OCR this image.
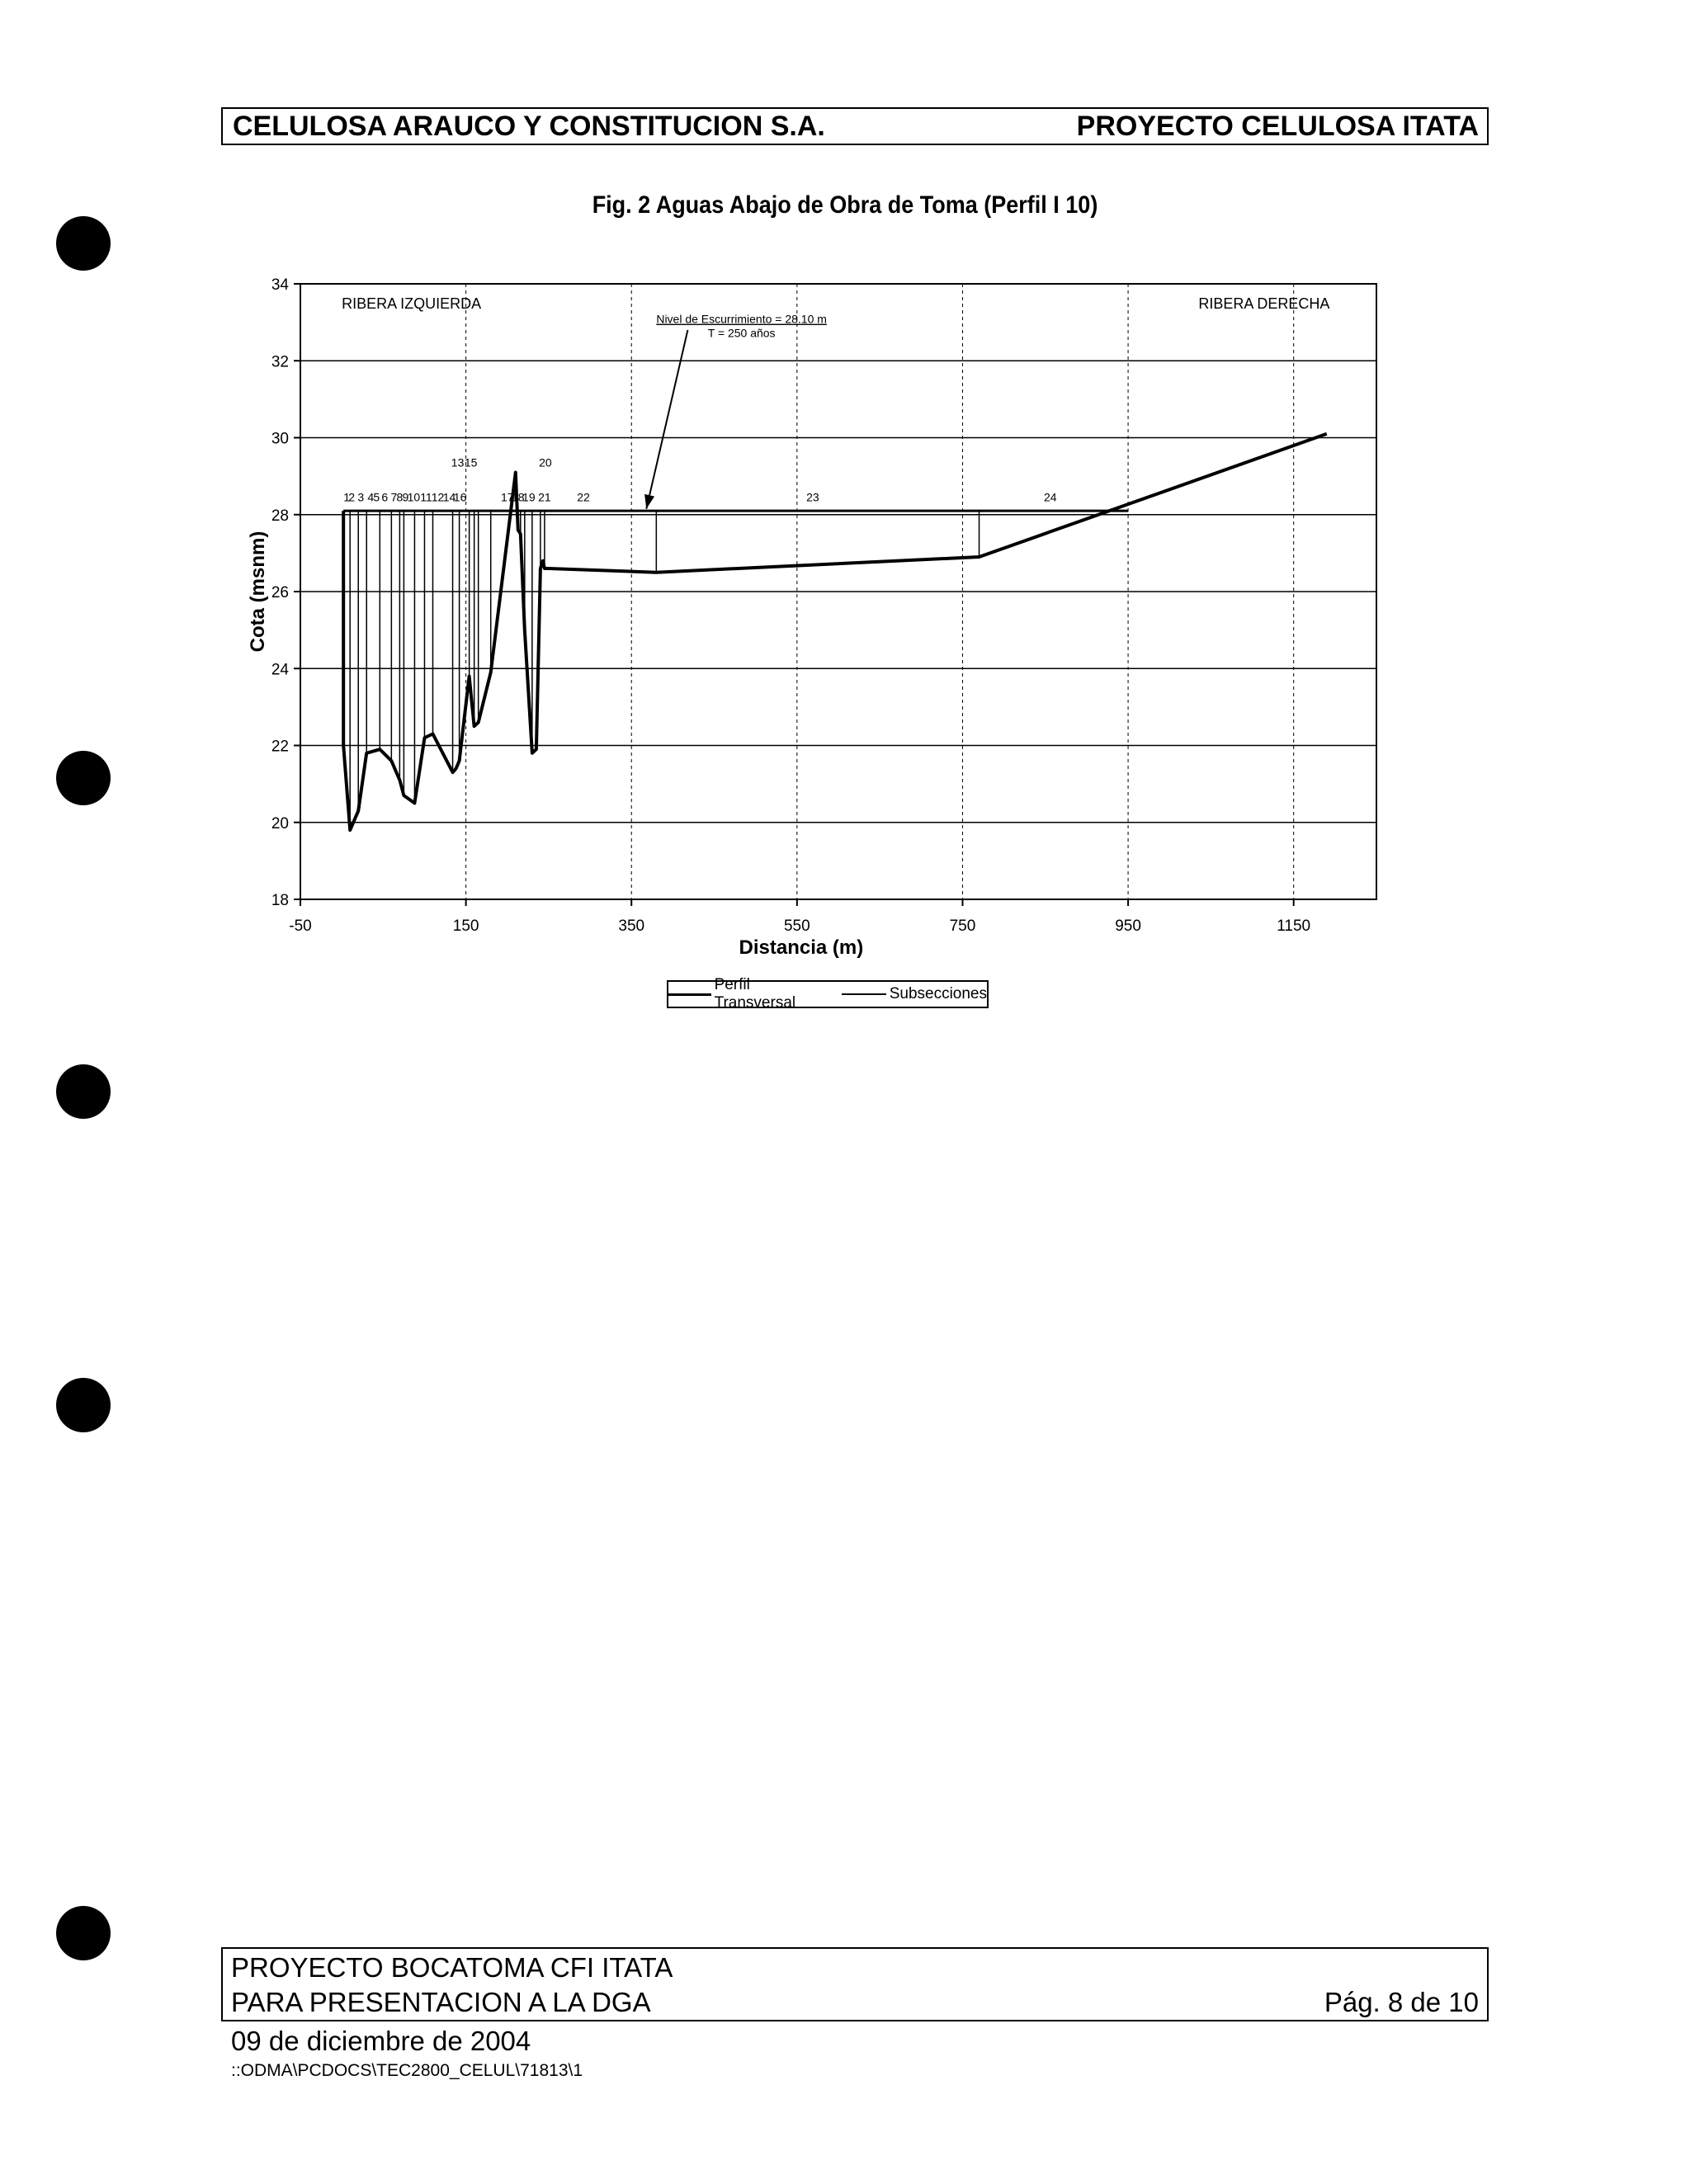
CELULOSA ARAUCO Y CONSTITUCION S.A.	PROYECTO CELULOSA ITATA
Fig. 2 Aguas Abajo de Obra de Toma (Perfil I 10)
18
20
22
24
26
28
30
32
34
-50	150	350	550	750	950	1150
Distancia (m)
Cota (msnm)
1
2 3 4 5 6 7 8 9
10 11
12
14
16
13 15
17
18
19 21
20
22	23	24
RIBERA IZQUIERDA	RIBERA DERECHA
Nivel de Escurrimiento = 28.10 m
T = 250 años
Perfil Transversal
Subsecciones
PROYECTO BOCATOMA CFI ITATA
PARA PRESENTACION A LA DGA	Pág. 8 de 10
09 de diciembre de 2004
::ODMA\PCDOCS\TEC2800_CELUL\71813\1
